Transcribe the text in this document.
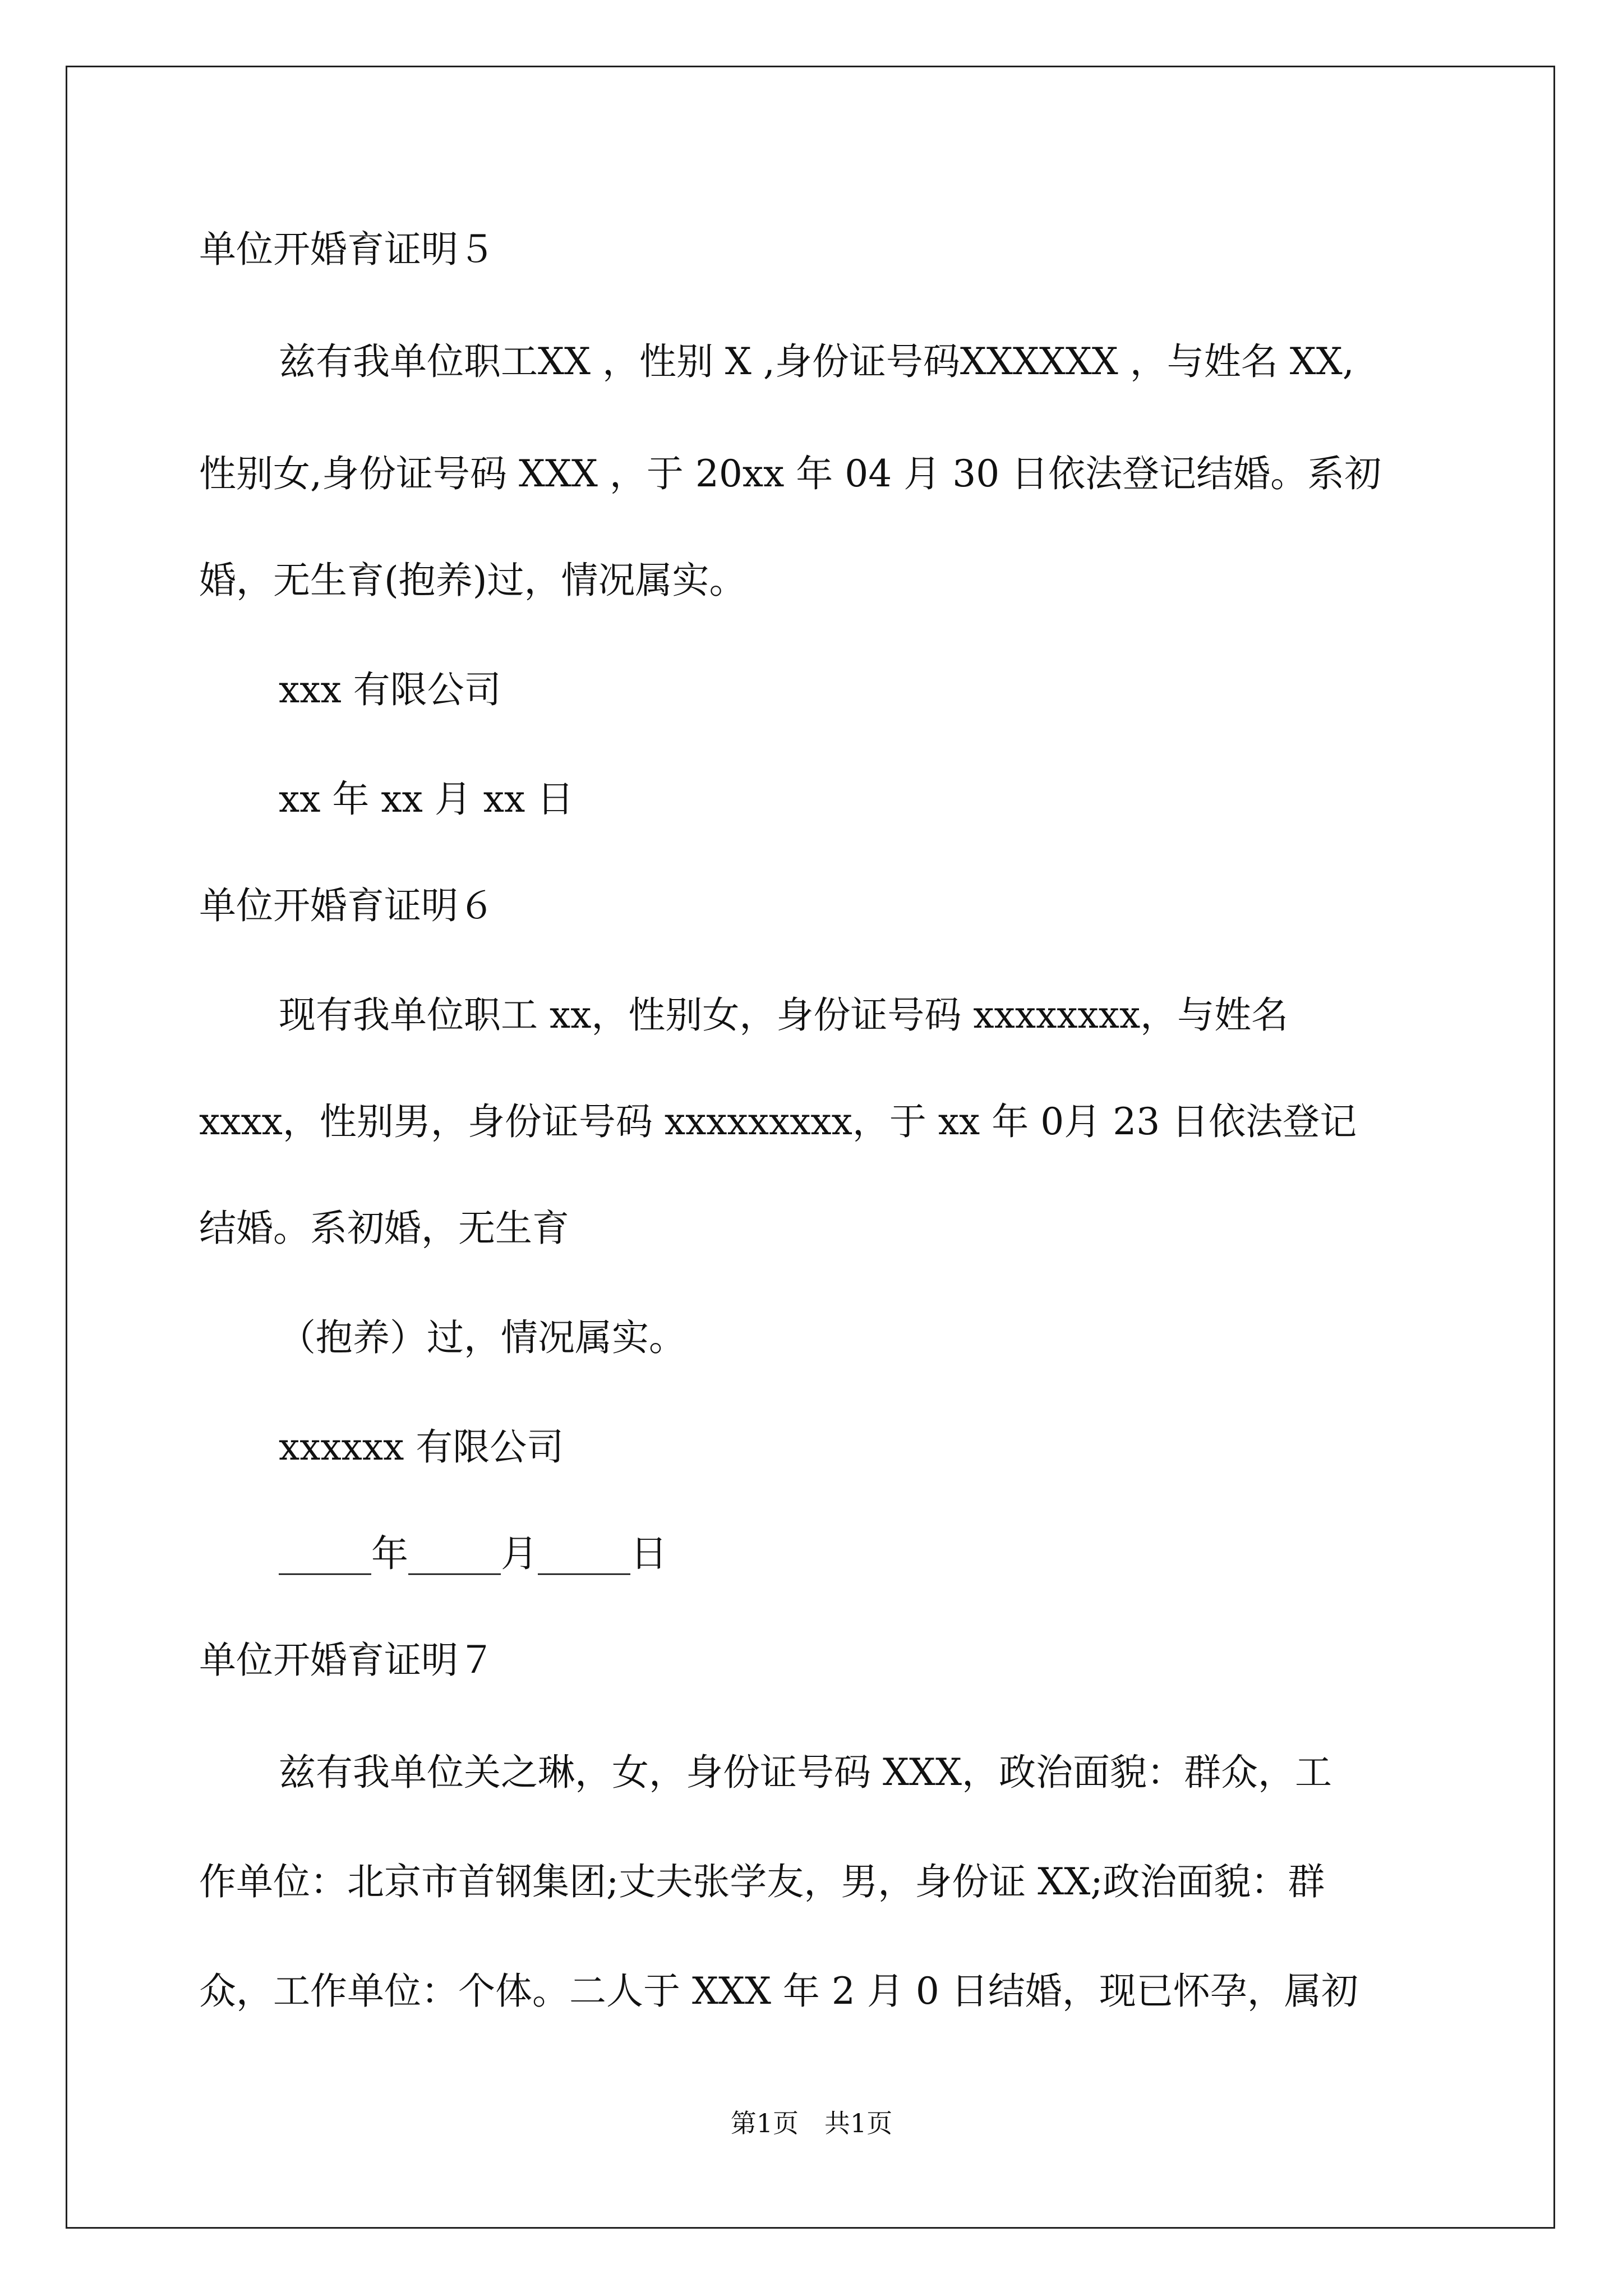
单位开婚育证明５
兹有我单位职工XX ，性别 X ,身份证号码XXXXXX ，与姓名 XX,
性别女,身份证号码 XXX ，于 20xx 年 04 月 30 日依法登记结婚。系初
婚，无生育(抱养)过，情况属实。
xxx 有限公司
xx 年 xx 月 xx 日
单位开婚育证明６
现有我单位职工 xx，性别女，身份证号码 xxxxxxxx，与姓名
xxxx，性别男，身份证号码 xxxxxxxxx，于 xx 年 0月 23 日依法登记
结婚。系初婚，无生育
（抱养）过，情况属实。
xxxxxx 有限公司
_____年_____月_____日
单位开婚育证明７
兹有我单位关之琳，女，身份证号码 XXX，政治面貌：群众，工
作单位：北京市首钢集团;丈夫张学友，男，身份证 XX;政治面貌：群
众，工作单位：个体。二人于 XXX 年 2 月 0 日结婚，现已怀孕，属初
第1页　共1页
